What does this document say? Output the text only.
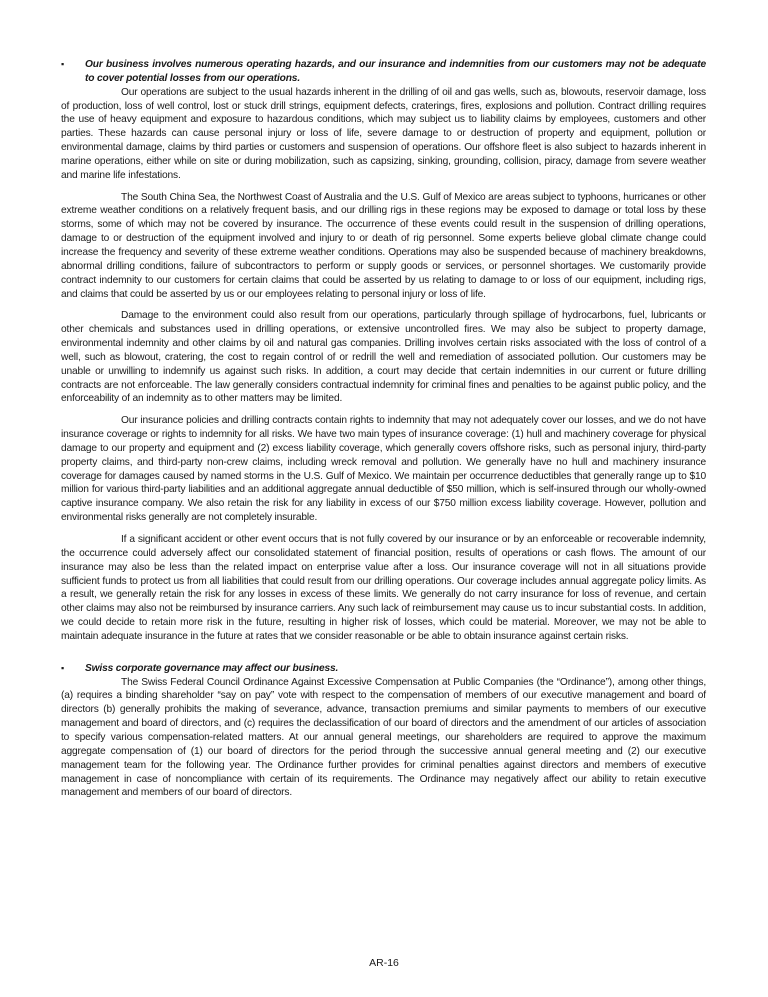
▪ Our business involves numerous operating hazards, and our insurance and indemnities from our customers may not be adequate to cover potential losses from our operations.

Our operations are subject to the usual hazards inherent in the drilling of oil and gas wells, such as, blowouts, reservoir damage, loss of production, loss of well control, lost or stuck drill strings, equipment defects, craterings, fires, explosions and pollution. Contract drilling requires the use of heavy equipment and exposure to hazardous conditions, which may subject us to liability claims by employees, customers and other parties. These hazards can cause personal injury or loss of life, severe damage to or destruction of property and equipment, pollution or environmental damage, claims by third parties or customers and suspension of operations. Our offshore fleet is also subject to hazards inherent in marine operations, either while on site or during mobilization, such as capsizing, sinking, grounding, collision, piracy, damage from severe weather and marine life infestations.

The South China Sea, the Northwest Coast of Australia and the U.S. Gulf of Mexico are areas subject to typhoons, hurricanes or other extreme weather conditions on a relatively frequent basis, and our drilling rigs in these regions may be exposed to damage or total loss by these storms, some of which may not be covered by insurance. The occurrence of these events could result in the suspension of drilling operations, damage to or destruction of the equipment involved and injury to or death of rig personnel. Some experts believe global climate change could increase the frequency and severity of these extreme weather conditions. Operations may also be suspended because of machinery breakdowns, abnormal drilling conditions, failure of subcontractors to perform or supply goods or services, or personnel shortages. We customarily provide contract indemnity to our customers for certain claims that could be asserted by us relating to damage to or loss of our equipment, including rigs, and claims that could be asserted by us or our employees relating to personal injury or loss of life.

Damage to the environment could also result from our operations, particularly through spillage of hydrocarbons, fuel, lubricants or other chemicals and substances used in drilling operations, or extensive uncontrolled fires. We may also be subject to property damage, environmental indemnity and other claims by oil and natural gas companies. Drilling involves certain risks associated with the loss of control of a well, such as blowout, cratering, the cost to regain control of or redrill the well and remediation of associated pollution. Our customers may be unable or unwilling to indemnify us against such risks. In addition, a court may decide that certain indemnities in our current or future drilling contracts are not enforceable. The law generally considers contractual indemnity for criminal fines and penalties to be against public policy, and the enforceability of an indemnity as to other matters may be limited.

Our insurance policies and drilling contracts contain rights to indemnity that may not adequately cover our losses, and we do not have insurance coverage or rights to indemnity for all risks. We have two main types of insurance coverage: (1) hull and machinery coverage for physical damage to our property and equipment and (2) excess liability coverage, which generally covers offshore risks, such as personal injury, third-party property claims, and third-party non-crew claims, including wreck removal and pollution. We generally have no hull and machinery insurance coverage for damages caused by named storms in the U.S. Gulf of Mexico. We maintain per occurrence deductibles that generally range up to $10 million for various third-party liabilities and an additional aggregate annual deductible of $50 million, which is self-insured through our wholly-owned captive insurance company. We also retain the risk for any liability in excess of our $750 million excess liability coverage. However, pollution and environmental risks generally are not completely insurable.

If a significant accident or other event occurs that is not fully covered by our insurance or by an enforceable or recoverable indemnity, the occurrence could adversely affect our consolidated statement of financial position, results of operations or cash flows. The amount of our insurance may also be less than the related impact on enterprise value after a loss. Our insurance coverage will not in all situations provide sufficient funds to protect us from all liabilities that could result from our drilling operations. Our coverage includes annual aggregate policy limits. As a result, we generally retain the risk for any losses in excess of these limits. We generally do not carry insurance for loss of revenue, and certain other claims may also not be reimbursed by insurance carriers. Any such lack of reimbursement may cause us to incur substantial costs. In addition, we could decide to retain more risk in the future, resulting in higher risk of losses, which could be material. Moreover, we may not be able to maintain adequate insurance in the future at rates that we consider reasonable or be able to obtain insurance against certain risks.

▪ Swiss corporate governance may affect our business.

The Swiss Federal Council Ordinance Against Excessive Compensation at Public Companies (the “Ordinance”), among other things, (a) requires a binding shareholder “say on pay” vote with respect to the compensation of members of our executive management and board of directors (b) generally prohibits the making of severance, advance, transaction premiums and similar payments to members of our executive management and board of directors, and (c) requires the declassification of our board of directors and the amendment of our articles of association to specify various compensation-related matters. At our annual general meetings, our shareholders are required to approve the maximum aggregate compensation of (1) our board of directors for the period through the successive annual general meeting and (2) our executive management team for the following year. The Ordinance further provides for criminal penalties against directors and members of executive management in case of noncompliance with certain of its requirements. The Ordinance may negatively affect our ability to retain executive management and members of our board of directors.

AR-16
